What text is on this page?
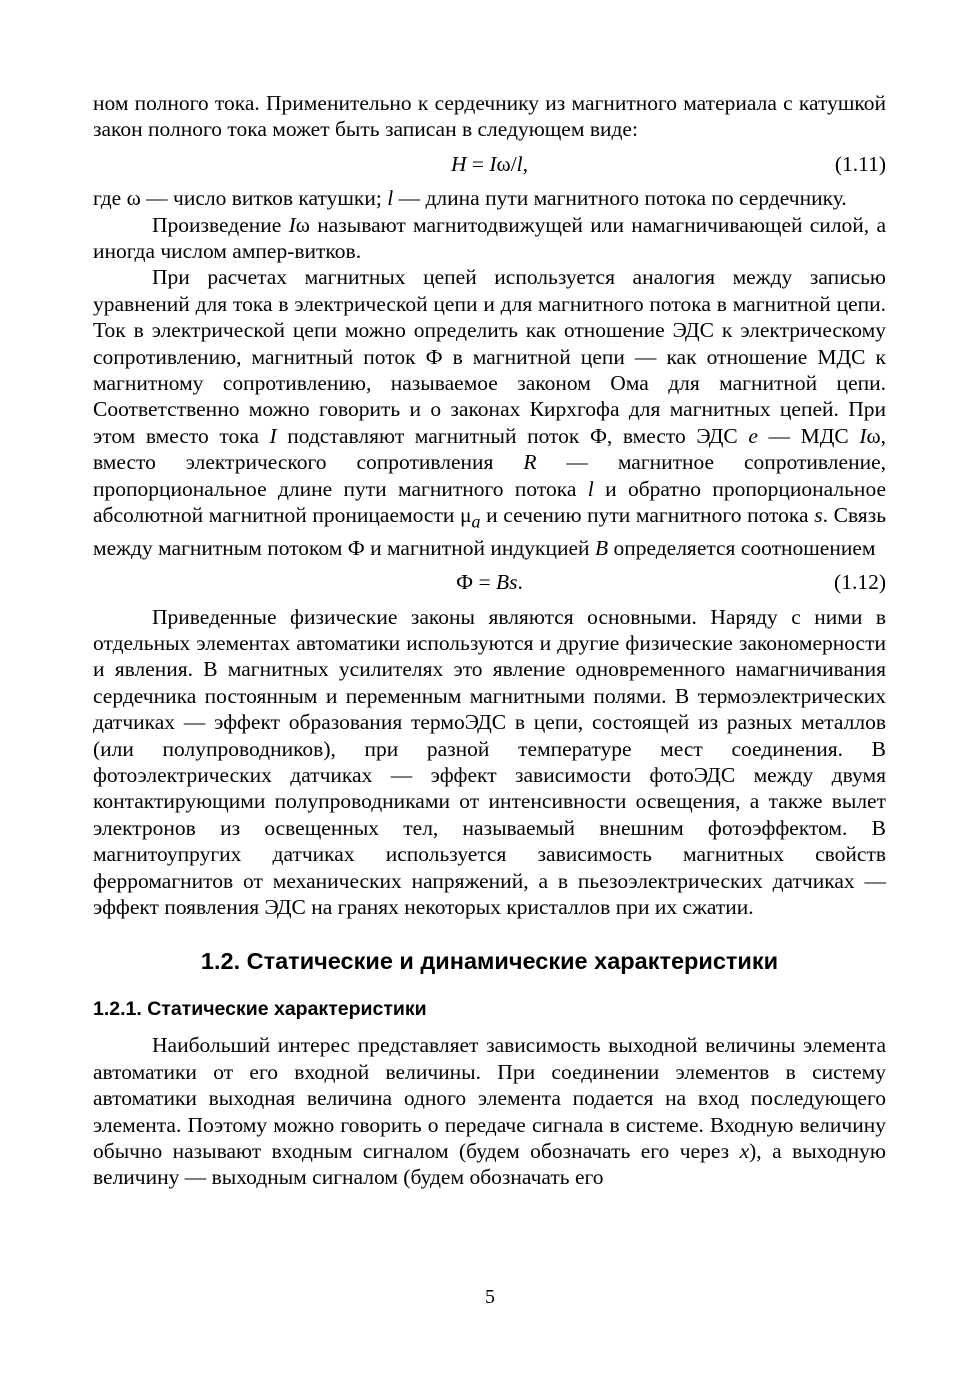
ном полного тока. Применительно к сердечнику из магнитного материала с катушкой закон полного тока может быть записан в следующем виде:

H = Iω/l,	(1.11)

где ω — число витков катушки; l — длина пути магнитного потока по сердечнику.

Произведение Iω называют магнитодвижущей или намагничивающей силой, а иногда числом ампер-витков.

При расчетах магнитных цепей используется аналогия между записью уравнений для тока в электрической цепи и для магнитного потока в магнитной цепи. Ток в электрической цепи можно определить как отношение ЭДС к электрическому сопротивлению, магнитный поток Ф в магнитной цепи — как отношение МДС к магнитному сопротивлению, называемое законом Ома для магнитной цепи. Соответственно можно говорить и о законах Кирхгофа для магнитных цепей. При этом вместо тока I подставляют магнитный поток Ф, вместо ЭДС e — МДС Iω, вместо электрического сопротивления R — магнитное сопротивление, пропорциональное длине пути магнитного потока l и обратно пропорциональное абсолютной магнитной проницаемости $\mu_a$ и сечению пути магнитного потока s. Связь между магнитным потоком Ф и магнитной индукцией B определяется соотношением

Ф = Bs.	(1.12)

Приведенные физические законы являются основными. Наряду с ними в отдельных элементах автоматики используются и другие физические закономерности и явления. В магнитных усилителях это явление одновременного намагничивания сердечника постоянным и переменным магнитными полями. В термоэлектрических датчиках — эффект образования термоЭДС в цепи, состоящей из разных металлов (или полупроводников), при разной температуре мест соединения. В фотоэлектрических датчиках — эффект зависимости фотоЭДС между двумя контактирующими полупроводниками от интенсивности освещения, а также вылет электронов из освещенных тел, называемый внешним фотоэффектом. В магнитоупругих датчиках используется зависимость магнитных свойств ферромагнитов от механических напряжений, а в пьезоэлектрических датчиках — эффект появления ЭДС на гранях некоторых кристаллов при их сжатии.

1.2. Статические и динамические характеристики
1.2.1. Статические характеристики

Наибольший интерес представляет зависимость выходной величины элемента автоматики от его входной величины. При соединении элементов в систему автоматики выходная величина одного элемента подается на вход последующего элемента. Поэтому можно говорить о передаче сигнала в системе. Входную величину обычно называют входным сигналом (будем обозначать его через x), а выходную величину — выходным сигналом (будем обозначать его

5
